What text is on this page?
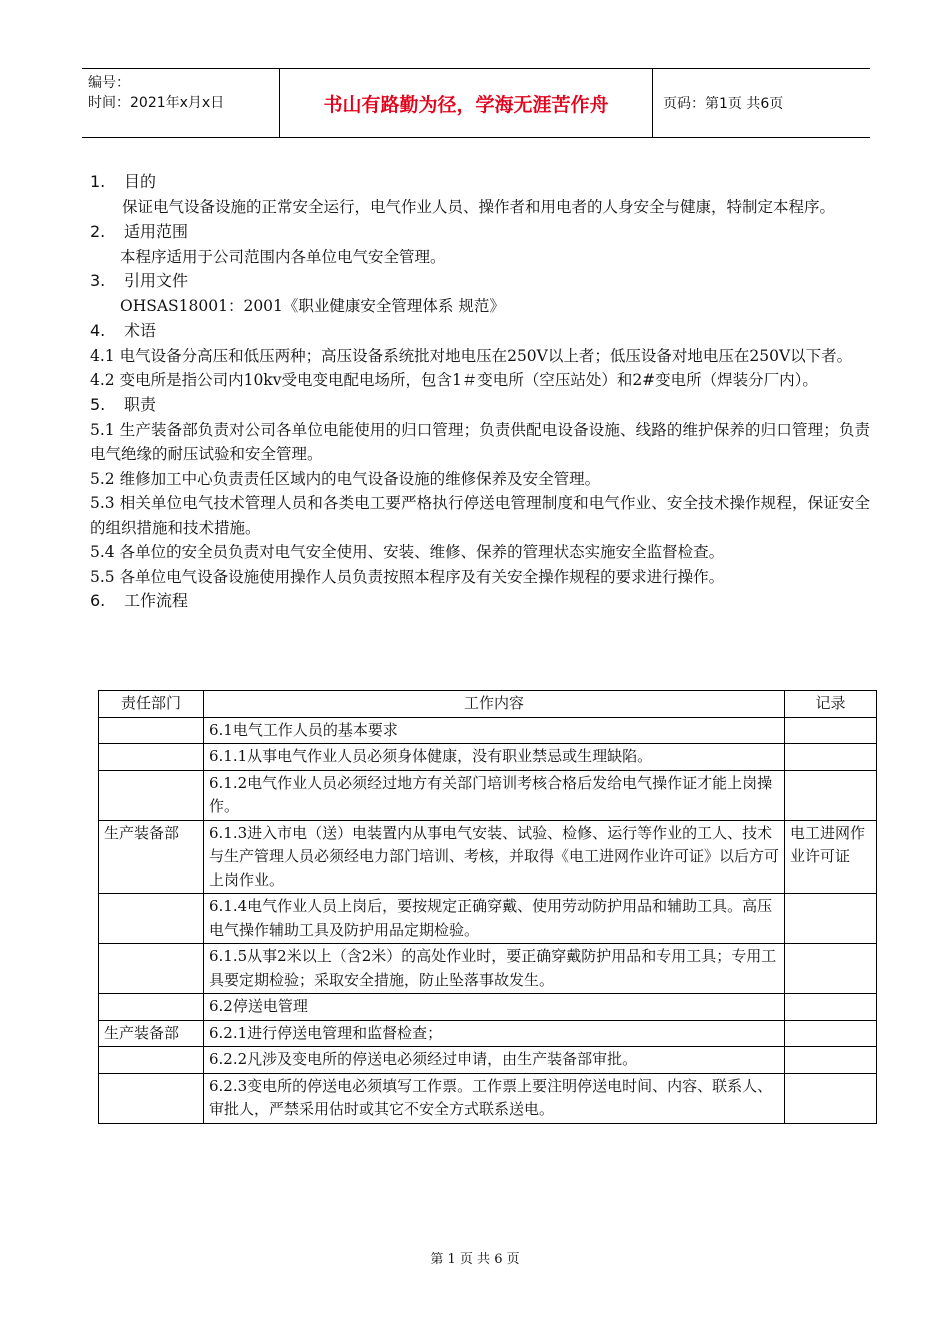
编号：
时间：2021年x月x日	书山有路勤为径，学海无涯苦作舟	页码：第1页 共6页
1.	目的
保证电气设备设施的正常安全运行，电气作业人员、操作者和用电者的人身安全与健康，特制定本程序。
2.	适用范围
本程序适用于公司范围内各单位电气安全管理。
3.	引用文件
OHSAS18001：2001《职业健康安全管理体系 规范》
4.	术语
4.1 电气设备分高压和低压两种；高压设备系统批对地电压在250V以上者；低压设备对地电压在250V以下者。
4.2 变电所是指公司内10kv受电变电配电场所，包含1＃变电所（空压站处）和2#变电所（焊装分厂内）。
5.	职责
5.1 生产装备部负责对公司各单位电能使用的归口管理；负责供配电设备设施、线路的维护保养的归口管理；负责电气绝缘的耐压试验和安全管理。
5.2 维修加工中心负责责任区域内的电气设备设施的维修保养及安全管理。
5.3 相关单位电气技术管理人员和各类电工要严格执行停送电管理制度和电气作业、安全技术操作规程，保证安全的组织措施和技术措施。
5.4 各单位的安全员负责对电气安全使用、安装、维修、保养的管理状态实施安全监督检查。
5.5 各单位电气设备设施使用操作人员负责按照本程序及有关安全操作规程的要求进行操作。
6.	工作流程
责任部门	工作内容	记录
	6.1电气工作人员的基本要求	
	6.1.1从事电气作业人员必须身体健康，没有职业禁忌或生理缺陷。	
	6.1.2电气作业人员必须经过地方有关部门培训考核合格后发给电气操作证才能上岗操作。	
生产装备部	6.1.3进入市电（送）电装置内从事电气安装、试验、检修、运行等作业的工人、技术与生产管理人员必须经电力部门培训、考核，并取得《电工进网作业许可证》以后方可上岗作业。	电工进网作业许可证
	6.1.4电气作业人员上岗后，要按规定正确穿戴、使用劳动防护用品和辅助工具。高压电气操作辅助工具及防护用品定期检验。	
	6.1.5从事2米以上（含2米）的高处作业时，要正确穿戴防护用品和专用工具；专用工具要定期检验；采取安全措施，防止坠落事故发生。	
	6.2停送电管理	
生产装备部	6.2.1进行停送电管理和监督检查；	
	6.2.2凡涉及变电所的停送电必须经过申请，由生产装备部审批。	
	6.2.3变电所的停送电必须填写工作票。工作票上要注明停送电时间、内容、联系人、审批人，严禁采用估时或其它不安全方式联系送电。	
第 1 页 共 6 页
